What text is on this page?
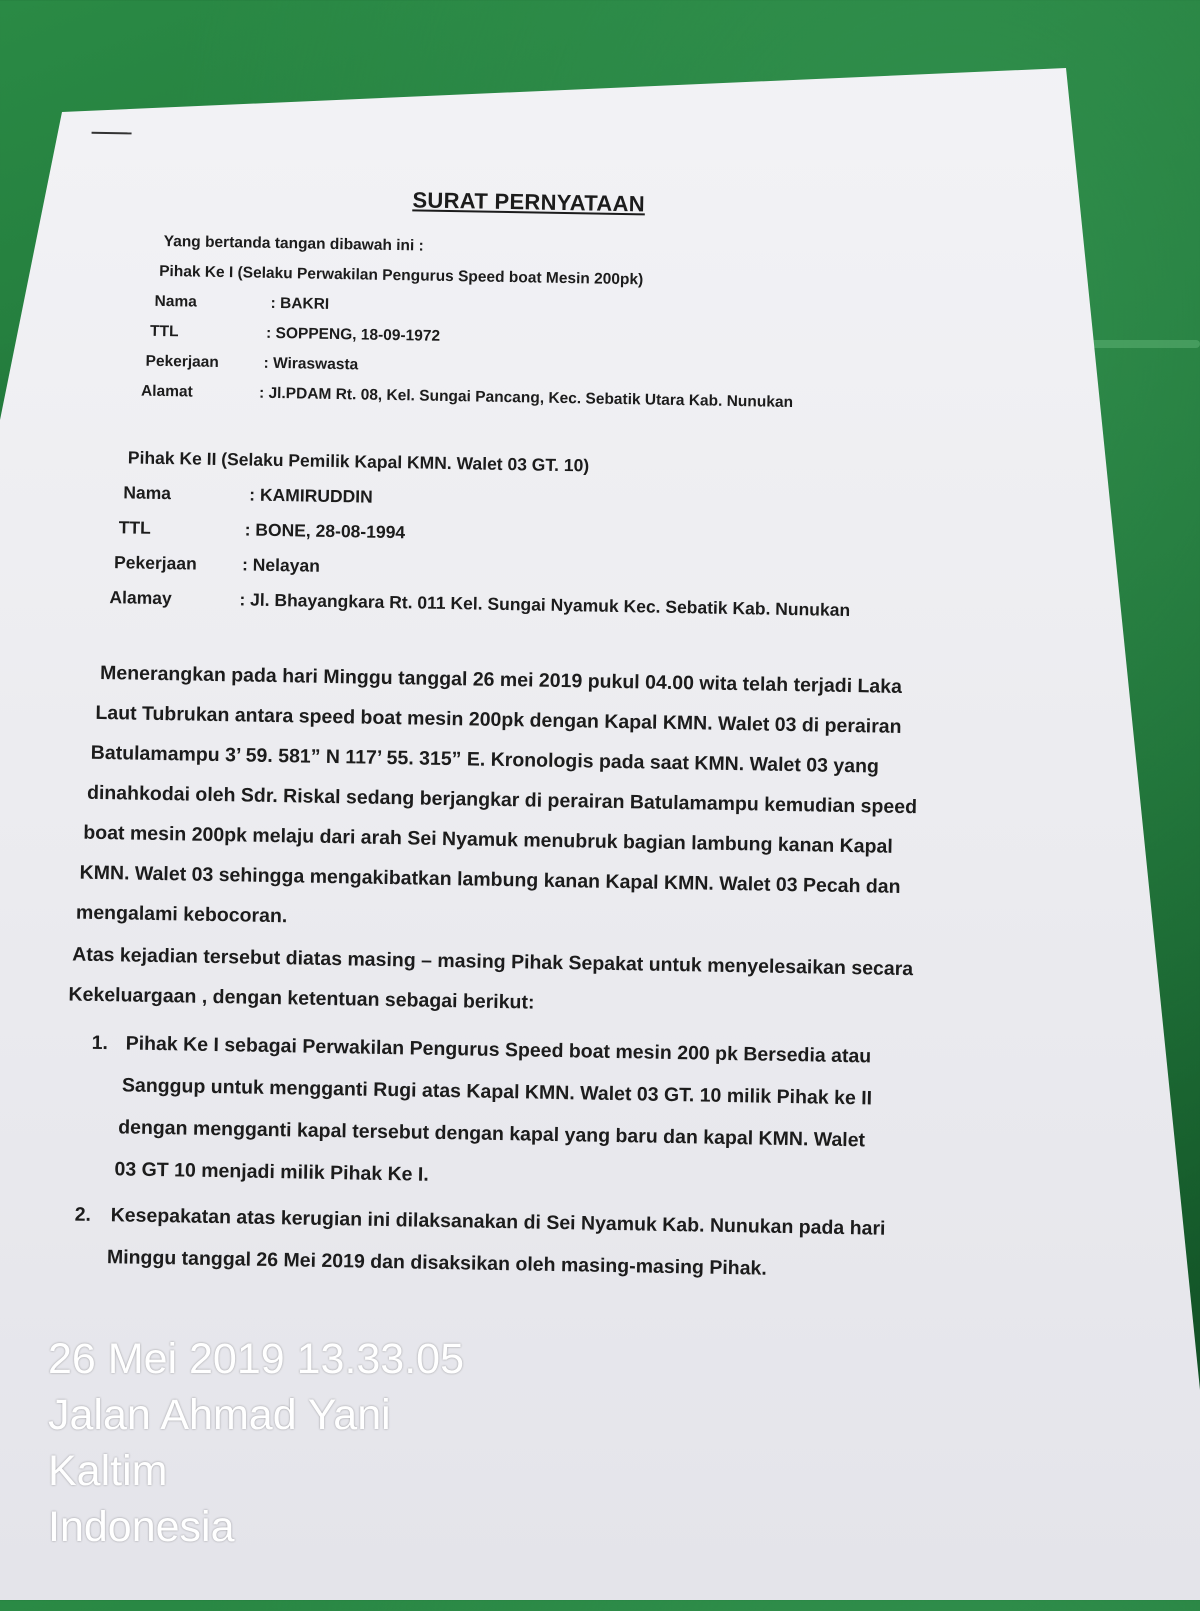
SURAT PERNYATAAN
Yang bertanda tangan dibawah ini :
Pihak Ke I (Selaku Perwakilan Pengurus Speed boat Mesin 200pk)
Nama	: BAKRI
TTL	: SOPPENG, 18-09-1972
Pekerjaan	: Wiraswasta
Alamat	: Jl.PDAM Rt. 08, Kel. Sungai Pancang, Kec. Sebatik Utara Kab. Nunukan
Pihak Ke II (Selaku Pemilik Kapal KMN. Walet 03 GT. 10)
Nama	: KAMIRUDDIN
TTL	: BONE, 28-08-1994
Pekerjaan	: Nelayan
Alamay	: Jl. Bhayangkara Rt. 011 Kel. Sungai Nyamuk Kec. Sebatik Kab. Nunukan
Menerangkan pada hari Minggu tanggal 26 mei 2019 pukul 04.00 wita telah terjadi Laka
Laut Tubrukan antara speed boat mesin 200pk dengan Kapal KMN. Walet 03 di perairan
Batulamampu 3’ 59. 581” N 117’ 55. 315” E. Kronologis pada saat KMN. Walet 03 yang
dinahkodai oleh Sdr. Riskal sedang berjangkar di perairan Batulamampu kemudian speed
boat mesin 200pk melaju dari arah Sei Nyamuk menubruk bagian lambung kanan Kapal
KMN. Walet 03 sehingga mengakibatkan lambung kanan Kapal KMN. Walet 03 Pecah dan
mengalami kebocoran.
Atas kejadian tersebut diatas masing – masing Pihak Sepakat untuk menyelesaikan secara
Kekeluargaan , dengan ketentuan sebagai berikut:
1. Pihak Ke I sebagai Perwakilan Pengurus Speed boat mesin 200 pk Bersedia atau
Sanggup untuk mengganti Rugi atas Kapal KMN. Walet 03 GT. 10 milik Pihak ke II
dengan mengganti kapal tersebut dengan kapal yang baru dan kapal KMN. Walet
03 GT 10 menjadi milik Pihak Ke I.
2. Kesepakatan atas kerugian ini dilaksanakan di Sei Nyamuk Kab. Nunukan pada hari
Minggu tanggal 26 Mei 2019 dan disaksikan oleh masing-masing Pihak.
26 Mei 2019 13.33.05
Jalan Ahmad Yani
Kaltim
Indonesia
